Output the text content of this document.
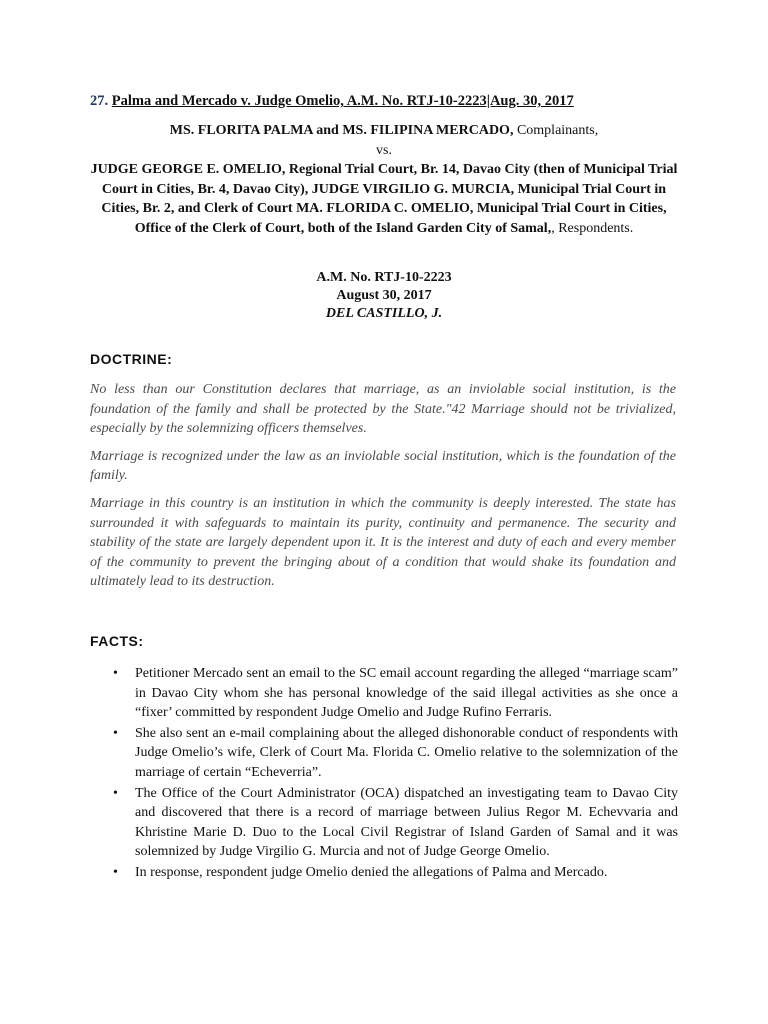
27. Palma and Mercado v. Judge Omelio, A.M. No. RTJ-10-2223|Aug. 30, 2017

MS. FLORITA PALMA and MS. FILIPINA MERCADO, Complainants,

vs.

JUDGE GEORGE E. OMELIO, Regional Trial Court, Br. 14, Davao City (then of Municipal Trial Court in Cities, Br. 4, Davao City), JUDGE VIRGILIO G. MURCIA, Municipal Trial Court in Cities, Br. 2, and Clerk of Court MA. FLORIDA C. OMELIO, Municipal Trial Court in Cities, Office of the Clerk of Court, both of the Island Garden City of Samal,, Respondents.

A.M. No. RTJ-10-2223
August 30, 2017
DEL CASTILLO, J.
DOCTRINE:

No less than our Constitution declares that marriage, as an inviolable social institution, is the foundation of the family and shall be protected by the State."42 Marriage should not be trivialized, especially by the solemnizing officers themselves.

Marriage is recognized under the law as an inviolable social institution, which is the foundation of the family.

Marriage in this country is an institution in which the community is deeply interested. The state has surrounded it with safeguards to maintain its purity, continuity and permanence. The security and stability of the state are largely dependent upon it. It is the interest and duty of each and every member of the community to prevent the bringing about of a condition that would shake its foundation and ultimately lead to its destruction.

FACTS:
• Petitioner Mercado sent an email to the SC email account regarding the alleged “marriage scam” in Davao City whom she has personal knowledge of the said illegal activities as she once a “fixer’ committed by respondent Judge Omelio and Judge Rufino Ferraris.
• She also sent an e-mail complaining about the alleged dishonorable conduct of respondents with Judge Omelio’s wife, Clerk of Court Ma. Florida C. Omelio relative to the solemnization of the marriage of certain “Echeverria”.
• The Office of the Court Administrator (OCA) dispatched an investigating team to Davao City and discovered that there is a record of marriage between Julius Regor M. Echevvaria and Khristine Marie D. Duo to the Local Civil Registrar of Island Garden of Samal and it was solemnized by Judge Virgilio G. Murcia and not of Judge George Omelio.
• In response, respondent judge Omelio denied the allegations of Palma and Mercado.
